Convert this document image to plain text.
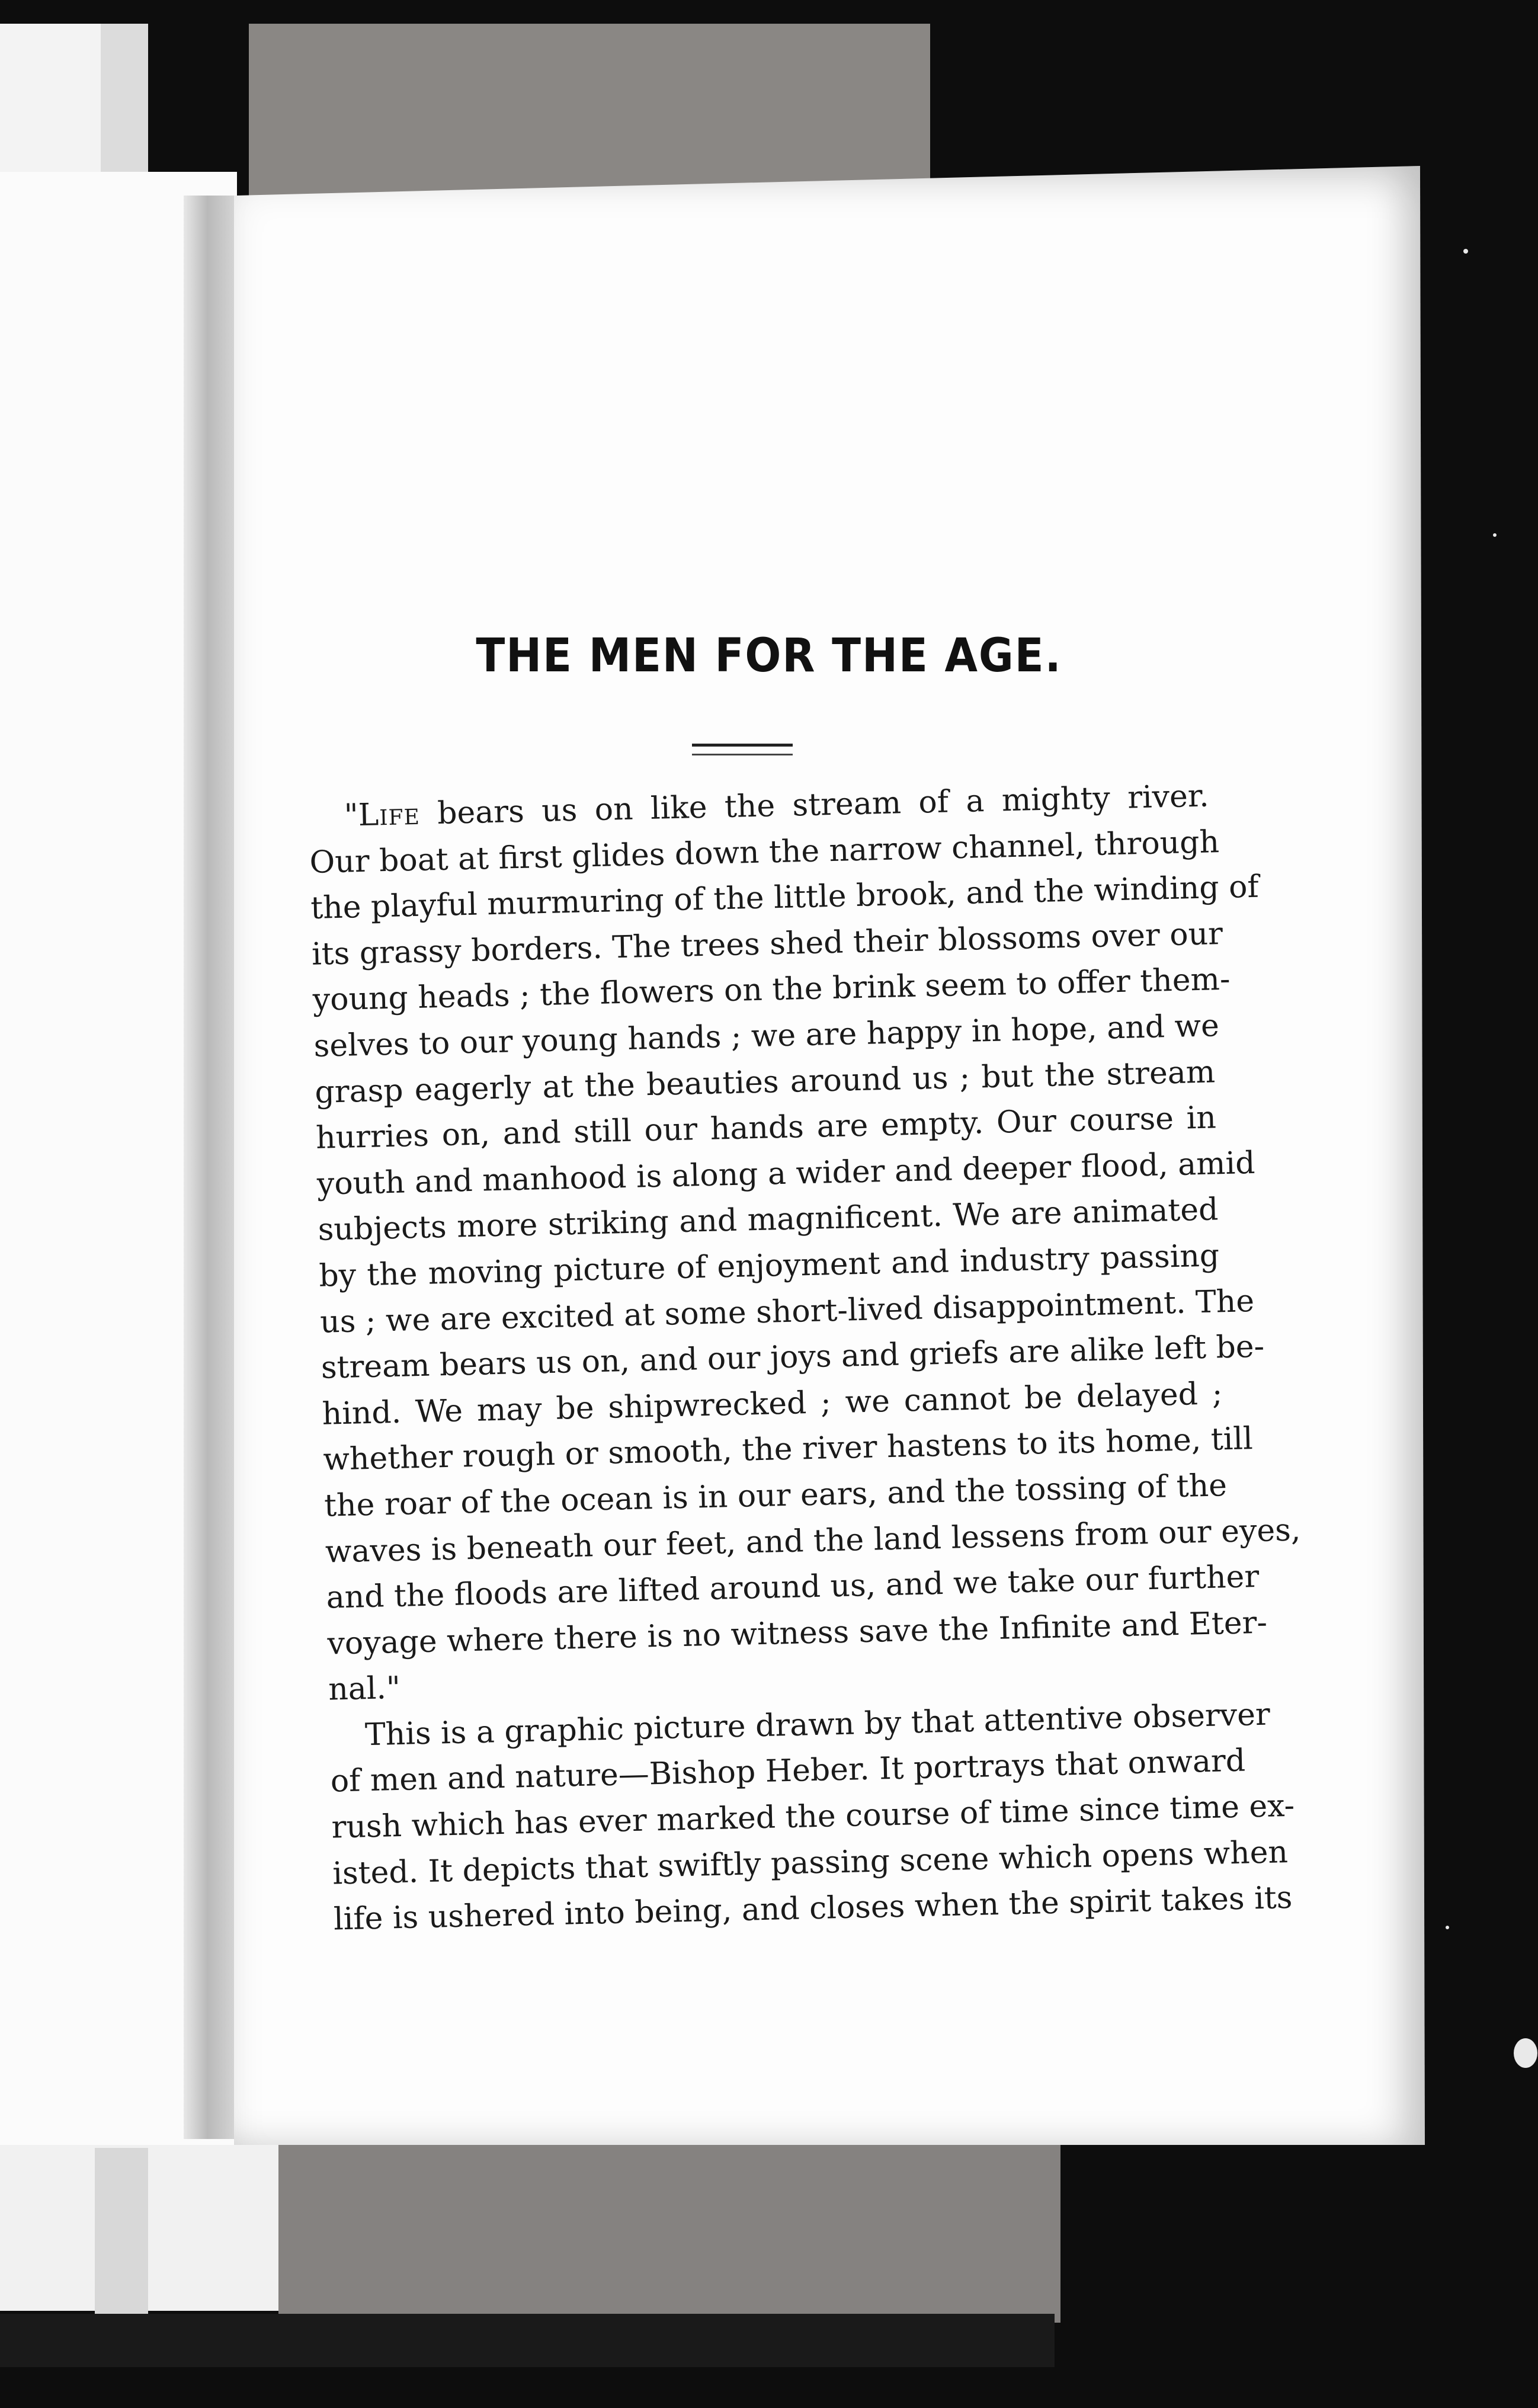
THE MEN FOR THE AGE.
"Life bears us on like the stream of a mighty river.
Our boat at first glides down the narrow channel, through
the playful murmuring of the little brook, and the winding of
its grassy borders. The trees shed their blossoms over our
young heads ; the flowers on the brink seem to offer them-
selves to our young hands ; we are happy in hope, and we
grasp eagerly at the beauties around us ; but the stream
hurries on, and still our hands are empty. Our course in
youth and manhood is along a wider and deeper flood, amid
subjects more striking and magnificent. We are animated
by the moving picture of enjoyment and industry passing
us ; we are excited at some short-lived disappointment. The
stream bears us on, and our joys and griefs are alike left be-
hind. We may be shipwrecked ; we cannot be delayed ;
whether rough or smooth, the river hastens to its home, till
the roar of the ocean is in our ears, and the tossing of the
waves is beneath our feet, and the land lessens from our eyes,
and the floods are lifted around us, and we take our further
voyage where there is no witness save the Infinite and Eter-
nal."
This is a graphic picture drawn by that attentive observer
of men and nature—Bishop Heber. It portrays that onward
rush which has ever marked the course of time since time ex-
isted. It depicts that swiftly passing scene which opens when
life is ushered into being, and closes when the spirit takes its
